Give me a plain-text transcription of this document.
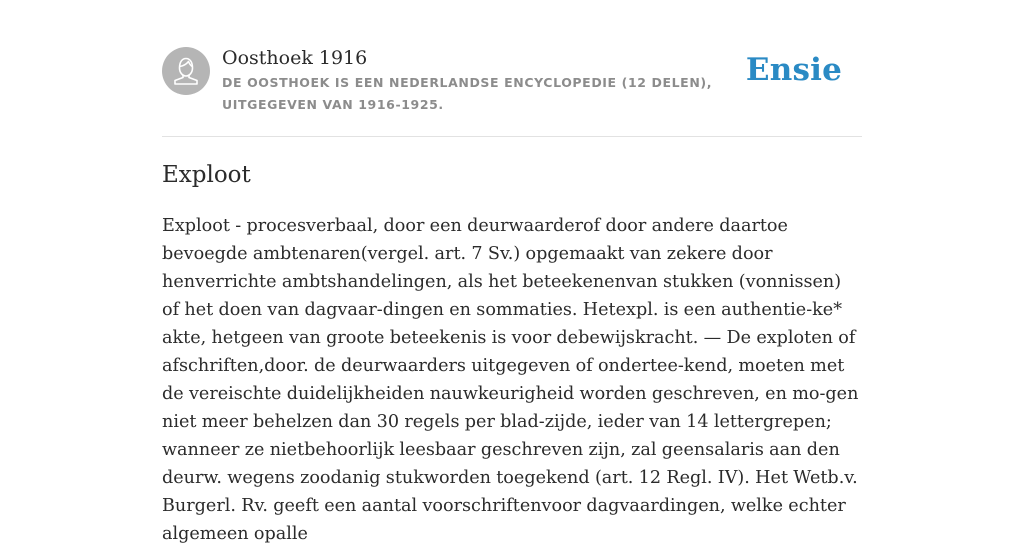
Oosthoek 1916
DE OOSTHOEK IS EEN NEDERLANDSE ENCYCLOPEDIE (12 DELEN), UITGEGEVEN VAN 1916-1925.
Ensie
Exploot

Exploot - procesverbaal, door een deurwaarderof door andere daartoe bevoegde ambtenaren(vergel. art. 7 Sv.) opgemaakt van zekere door henverrichte ambtshandelingen, als het beteekenenvan stukken (vonnissen) of het doen van dagvaar-dingen en sommaties. Hetexpl. is een authentie-ke* akte, hetgeen van groote beteekenis is voor debewijskracht. — De exploten of afschriften,door. de deurwaarders uitgegeven of ondertee-kend, moeten met de vereischte duidelijkheiden nauwkeurigheid worden geschreven, en mo-gen niet meer behelzen dan 30 regels per blad-zijde, ieder van 14 lettergrepen; wanneer ze nietbehoorlijk leesbaar geschreven zijn, zal geensalaris aan den deurw. wegens zoodanig stukworden toegekend (art. 12 Regl. IV). Het Wetb.v. Burgerl. Rv. geeft een aantal voorschriftenvoor dagvaardingen, welke echter algemeen opalle
